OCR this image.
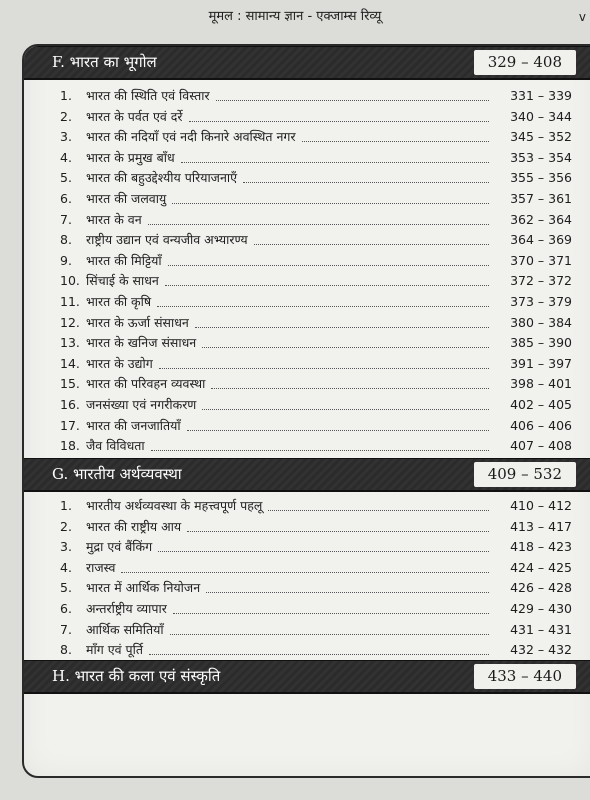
मूमल : सामान्य ज्ञान - एक्जाम्स रिव्यू	v
F. भारत का भूगोल	329 – 408
1.	भारत की स्थिति एवं विस्तार	331 – 339
2.	भारत के पर्वत एवं दर्रे	340 – 344
3.	भारत की नदियाँ एवं नदी किनारे अवस्थित नगर	345 – 352
4.	भारत के प्रमुख बाँध	353 – 354
5.	भारत की बहुउद्देश्यीय परियाजनाएँ	355 – 356
6.	भारत की जलवायु	357 – 361
7.	भारत के वन	362 – 364
8.	राष्ट्रीय उद्यान एवं वन्यजीव अभ्यारण्य	364 – 369
9.	भारत की मिट्टियाँ	370 – 371
10. सिंचाई के साधन	372 – 372
11. भारत की कृषि	373 – 379
12. भारत के ऊर्जा संसाधन	380 – 384
13. भारत के खनिज संसाधन	385 – 390
14. भारत के उद्योग	391 – 397
15. भारत की परिवहन व्यवस्था	398 – 401
16. जनसंख्या एवं नगरीकरण	402 – 405
17. भारत की जनजातियाँ	406 – 406
18. जैव विविधता	407 – 408
G. भारतीय अर्थव्यवस्था	409 – 532
1.	भारतीय अर्थव्यवस्था के महत्त्वपूर्ण पहलू	410 – 412
2.	भारत की राष्ट्रीय आय	413 – 417
3.	मुद्रा एवं बैंकिंग	418 – 423
4.	राजस्व	424 – 425
5.	भारत में आर्थिक नियोजन	426 – 428
6.	अन्तर्राष्ट्रीय व्यापार	429 – 430
7.	आर्थिक समितियाँ	431 – 431
8.	माँग एवं पूर्ति	432 – 432
H. भारत की कला एवं संस्कृति	433 – 440
